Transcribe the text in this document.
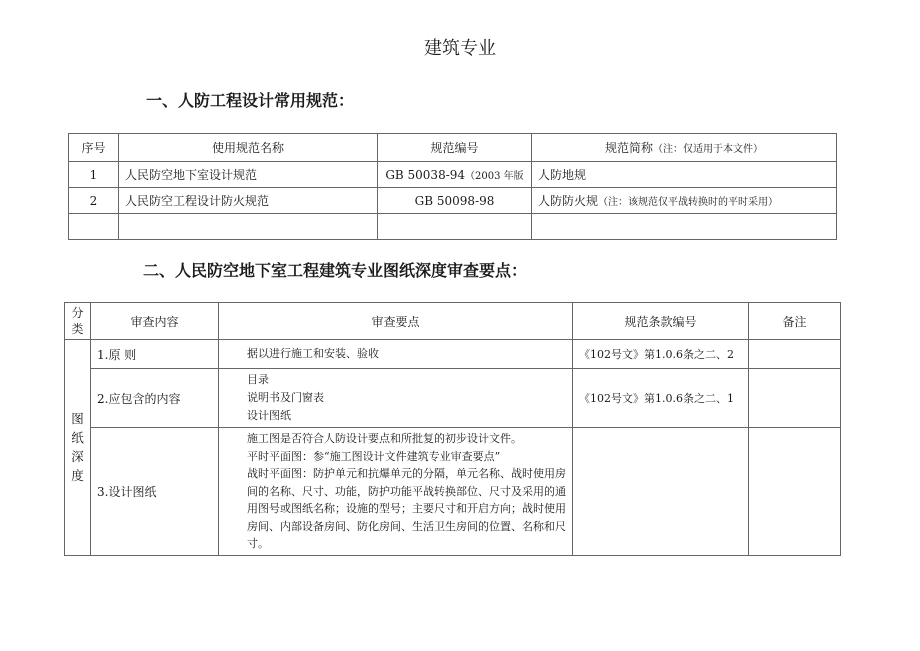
建筑专业
一、人防工程设计常用规范：
序号	使用规范名称	规范编号	规范简称（注：仅适用于本文件）
1	人民防空地下室设计规范	GB 50038-94（2003 年版	人防地规
2	人民防空工程设计防火规范	GB 50098-98	人防防火规（注：该规范仅平战转换时的平时采用）

二、人民防空地下室工程建筑专业图纸深度审查要点：
分
类	审查内容	审查要点	规范条款编号	备注

图
纸
深
度	1.原 则	据以进行施工和安装、验收	《102号文》第1.0.6条之二、2	
	2.应包含的内容	目录
说明书及门窗表
设计图纸	《102号文》第1.0.6条之二、1	
	3.设计图纸	施工图是否符合人防设计要点和所批复的初步设计文件。
平时平面图：参“施工图设计文件建筑专业审查要点”
战时平面图：防护单元和抗爆单元的分隔，单元名称、战时使用房间的名称、尺寸、功能，防护功能平战转换部位、尺寸及采用的通用图号或图纸名称；设施的型号；主要尺寸和开启方向；战时使用房间、内部设备房间、防化房间、生活卫生房间的位置、名称和尺寸。		
